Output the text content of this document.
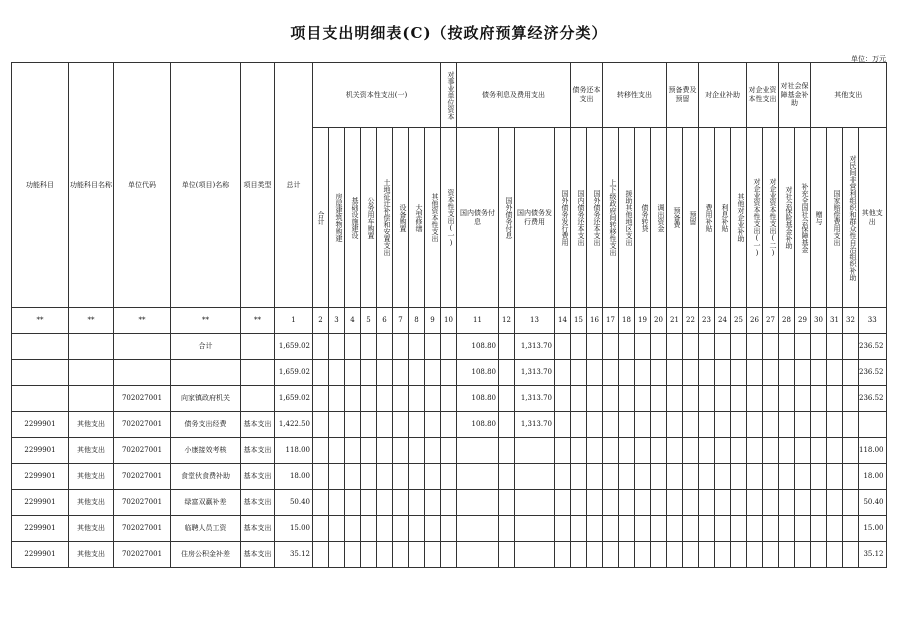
项目支出明细表(C)（按政府预算经济分类）
单位：万元
功能科目	功能科目名称	单位代码	单位(项目)名称	项目类型	总计	机关资本性支出(一)								对事业单位资本	债务利息及费用支出				债务还本支出		转移性支出				预备费及预留		对企业补助			对企业资本性支出		对社会保障基金补助		其他支出			
						合计	房屋建筑物购建	基础设施建设	公务用车购置	土地征迁补偿和安置支出	设备购置	大型修缮	其他资本性支出	资本性支出(一)	国内债务付息	国外债务付息	国内债务发行费用	国外债务发行费用	国内债务还本支出	国外债务还本支出	上下级政府间转移性支出	援助其他地区支出	债务转贷	调出资金	预备费	预留	费用补贴	利息补贴	其他对企业补助	对企业资本性支出(一)	对企业资本性支出(二)	对社会保险基金补助	补充全国社会保障基金	赠与	国家赔偿费用支出	对民间非营利组织和群众性自治组织补助	其他支出
**	**	**	**	**	1	2	3	4	5	6	7	8	9	10	11	12	13	14	15	16	17	18	19	20	21	22	23	24	25	26	27	28	29	30	31	32	33
			合计		1,659.02										108.80		1,313.70																				236.52
					1,659.02										108.80		1,313.70																				236.52
		702027001	向家镇政府机关		1,659.02										108.80		1,313.70																				236.52
2299901	其他支出	702027001	债务支出经费	基本支出	1,422.50										108.80		1,313.70																				
2299901	其他支出	702027001	小康接效考核	基本支出	118.00																																118.00
2299901	其他支出	702027001	食堂伙食费补助	基本支出	18.00																																18.00
2299901	其他支出	702027001	绿富双赢补差	基本支出	50.40																																50.40
2299901	其他支出	702027001	临聘人员工资	基本支出	15.00																																15.00
2299901	其他支出	702027001	住房公积金补差	基本支出	35.12																																35.12
